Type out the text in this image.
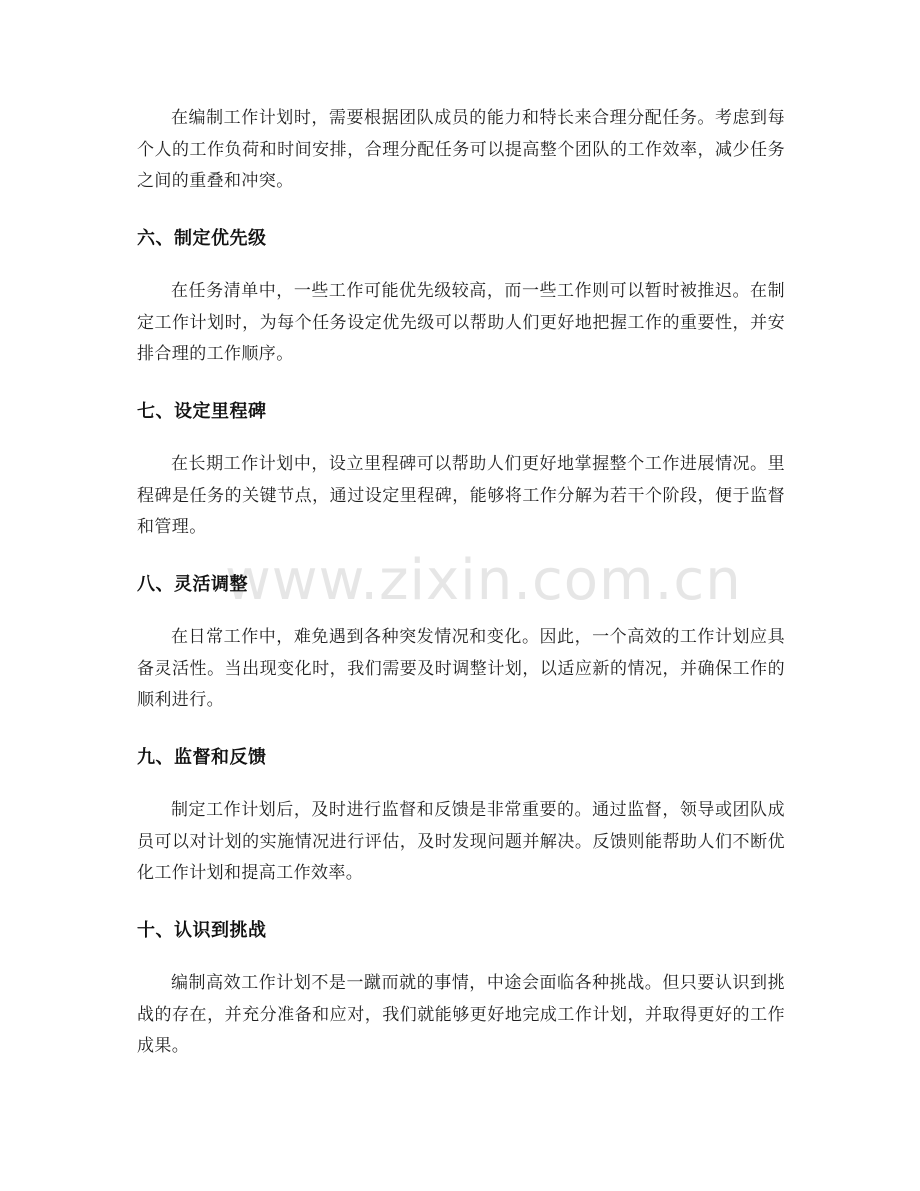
www.zixin.com.cn

在编制工作计划时，需要根据团队成员的能力和特长来合理分配任务。考虑到每个人的工作负荷和时间安排，合理分配任务可以提高整个团队的工作效率，减少任务之间的重叠和冲突。

六、制定优先级

在任务清单中，一些工作可能优先级较高，而一些工作则可以暂时被推迟。在制定工作计划时，为每个任务设定优先级可以帮助人们更好地把握工作的重要性，并安排合理的工作顺序。

七、设定里程碑

在长期工作计划中，设立里程碑可以帮助人们更好地掌握整个工作进展情况。里程碑是任务的关键节点，通过设定里程碑，能够将工作分解为若干个阶段，便于监督和管理。

八、灵活调整

在日常工作中，难免遇到各种突发情况和变化。因此，一个高效的工作计划应具备灵活性。当出现变化时，我们需要及时调整计划，以适应新的情况，并确保工作的顺利进行。

九、监督和反馈

制定工作计划后，及时进行监督和反馈是非常重要的。通过监督，领导或团队成员可以对计划的实施情况进行评估，及时发现问题并解决。反馈则能帮助人们不断优化工作计划和提高工作效率。

十、认识到挑战

编制高效工作计划不是一蹴而就的事情，中途会面临各种挑战。但只要认识到挑战的存在，并充分准备和应对，我们就能够更好地完成工作计划，并取得更好的工作成果。
